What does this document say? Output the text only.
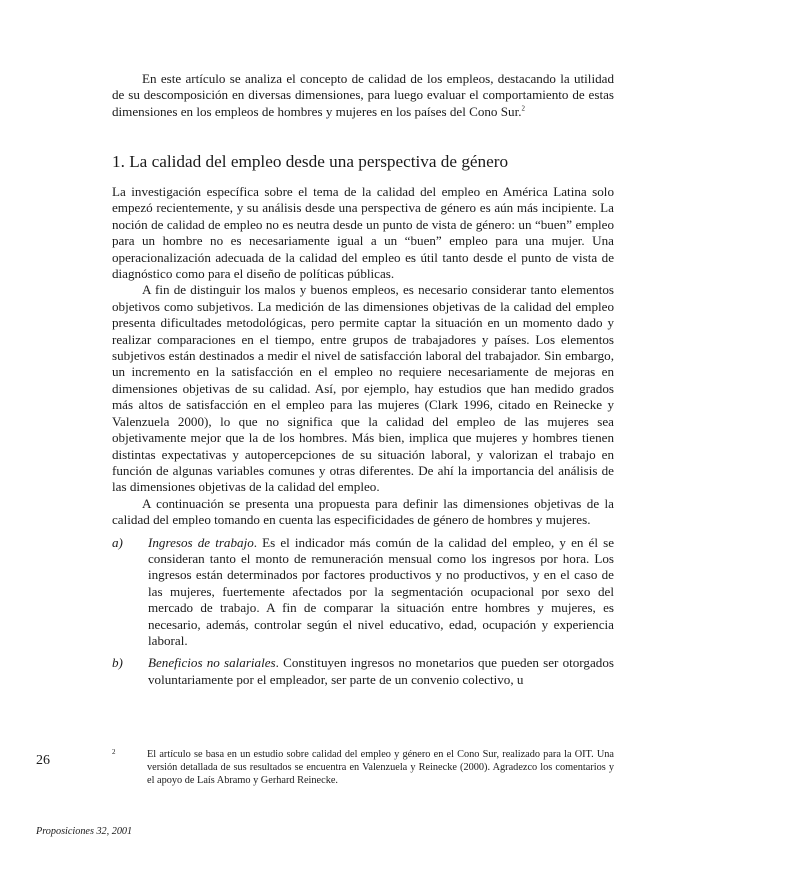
En este artículo se analiza el concepto de calidad de los empleos, destacando la utilidad de su descomposición en diversas dimensiones, para luego evaluar el comportamiento de estas dimensiones en los empleos de hombres y mujeres en los países del Cono Sur.$^2$

1. La calidad del empleo desde una perspectiva de género

La investigación específica sobre el tema de la calidad del empleo en América Latina solo empezó recientemente, y su análisis desde una perspectiva de género es aún más incipiente. La noción de calidad de empleo no es neutra desde un punto de vista de género: un “buen” empleo para un hombre no es necesariamente igual a un “buen” empleo para una mujer. Una operacionalización adecuada de la calidad del empleo es útil tanto desde el punto de vista de diagnóstico como para el diseño de políticas públicas.

A fin de distinguir los malos y buenos empleos, es necesario considerar tanto elementos objetivos como subjetivos. La medición de las dimensiones objetivas de la calidad del empleo presenta dificultades metodológicas, pero permite captar la situación en un momento dado y realizar comparaciones en el tiempo, entre grupos de trabajadores y países. Los elementos subjetivos están destinados a medir el nivel de satisfacción laboral del trabajador. Sin embargo, un incremento en la satisfacción en el empleo no requiere necesariamente de mejoras en dimensiones objetivas de su calidad. Así, por ejemplo, hay estudios que han medido grados más altos de satisfacción en el empleo para las mujeres (Clark 1996, citado en Reinecke y Valenzuela 2000), lo que no significa que la calidad del empleo de las mujeres sea objetivamente mejor que la de los hombres. Más bien, implica que mujeres y hombres tienen distintas expectativas y autopercepciones de su situación laboral, y valorizan el trabajo en función de algunas variables comunes y otras diferentes. De ahí la importancia del análisis de las dimensiones objetivas de la calidad del empleo.

A continuación se presenta una propuesta para definir las dimensiones objetivas de la calidad del empleo tomando en cuenta las especificidades de género de hombres y mujeres.

a) Ingresos de trabajo. Es el indicador más común de la calidad del empleo, y en él se consideran tanto el monto de remuneración mensual como los ingresos por hora. Los ingresos están determinados por factores productivos y no productivos, y en el caso de las mujeres, fuertemente afectados por la segmentación ocupacional por sexo del mercado de trabajo. A fin de comparar la situación entre hombres y mujeres, es necesario, además, controlar según el nivel educativo, edad, ocupación y experiencia laboral.
b) Beneficios no salariales. Constituyen ingresos no monetarios que pueden ser otorgados voluntariamente por el empleador, ser parte de un convenio colectivo, u
26
2	El artículo se basa en un estudio sobre calidad del empleo y género en el Cono Sur, realizado para la OIT. Una versión detallada de sus resultados se encuentra en Valenzuela y Reinecke (2000). Agradezco los comentarios y el apoyo de Laís Abramo y Gerhard Reinecke.
Proposiciones 32, 2001
